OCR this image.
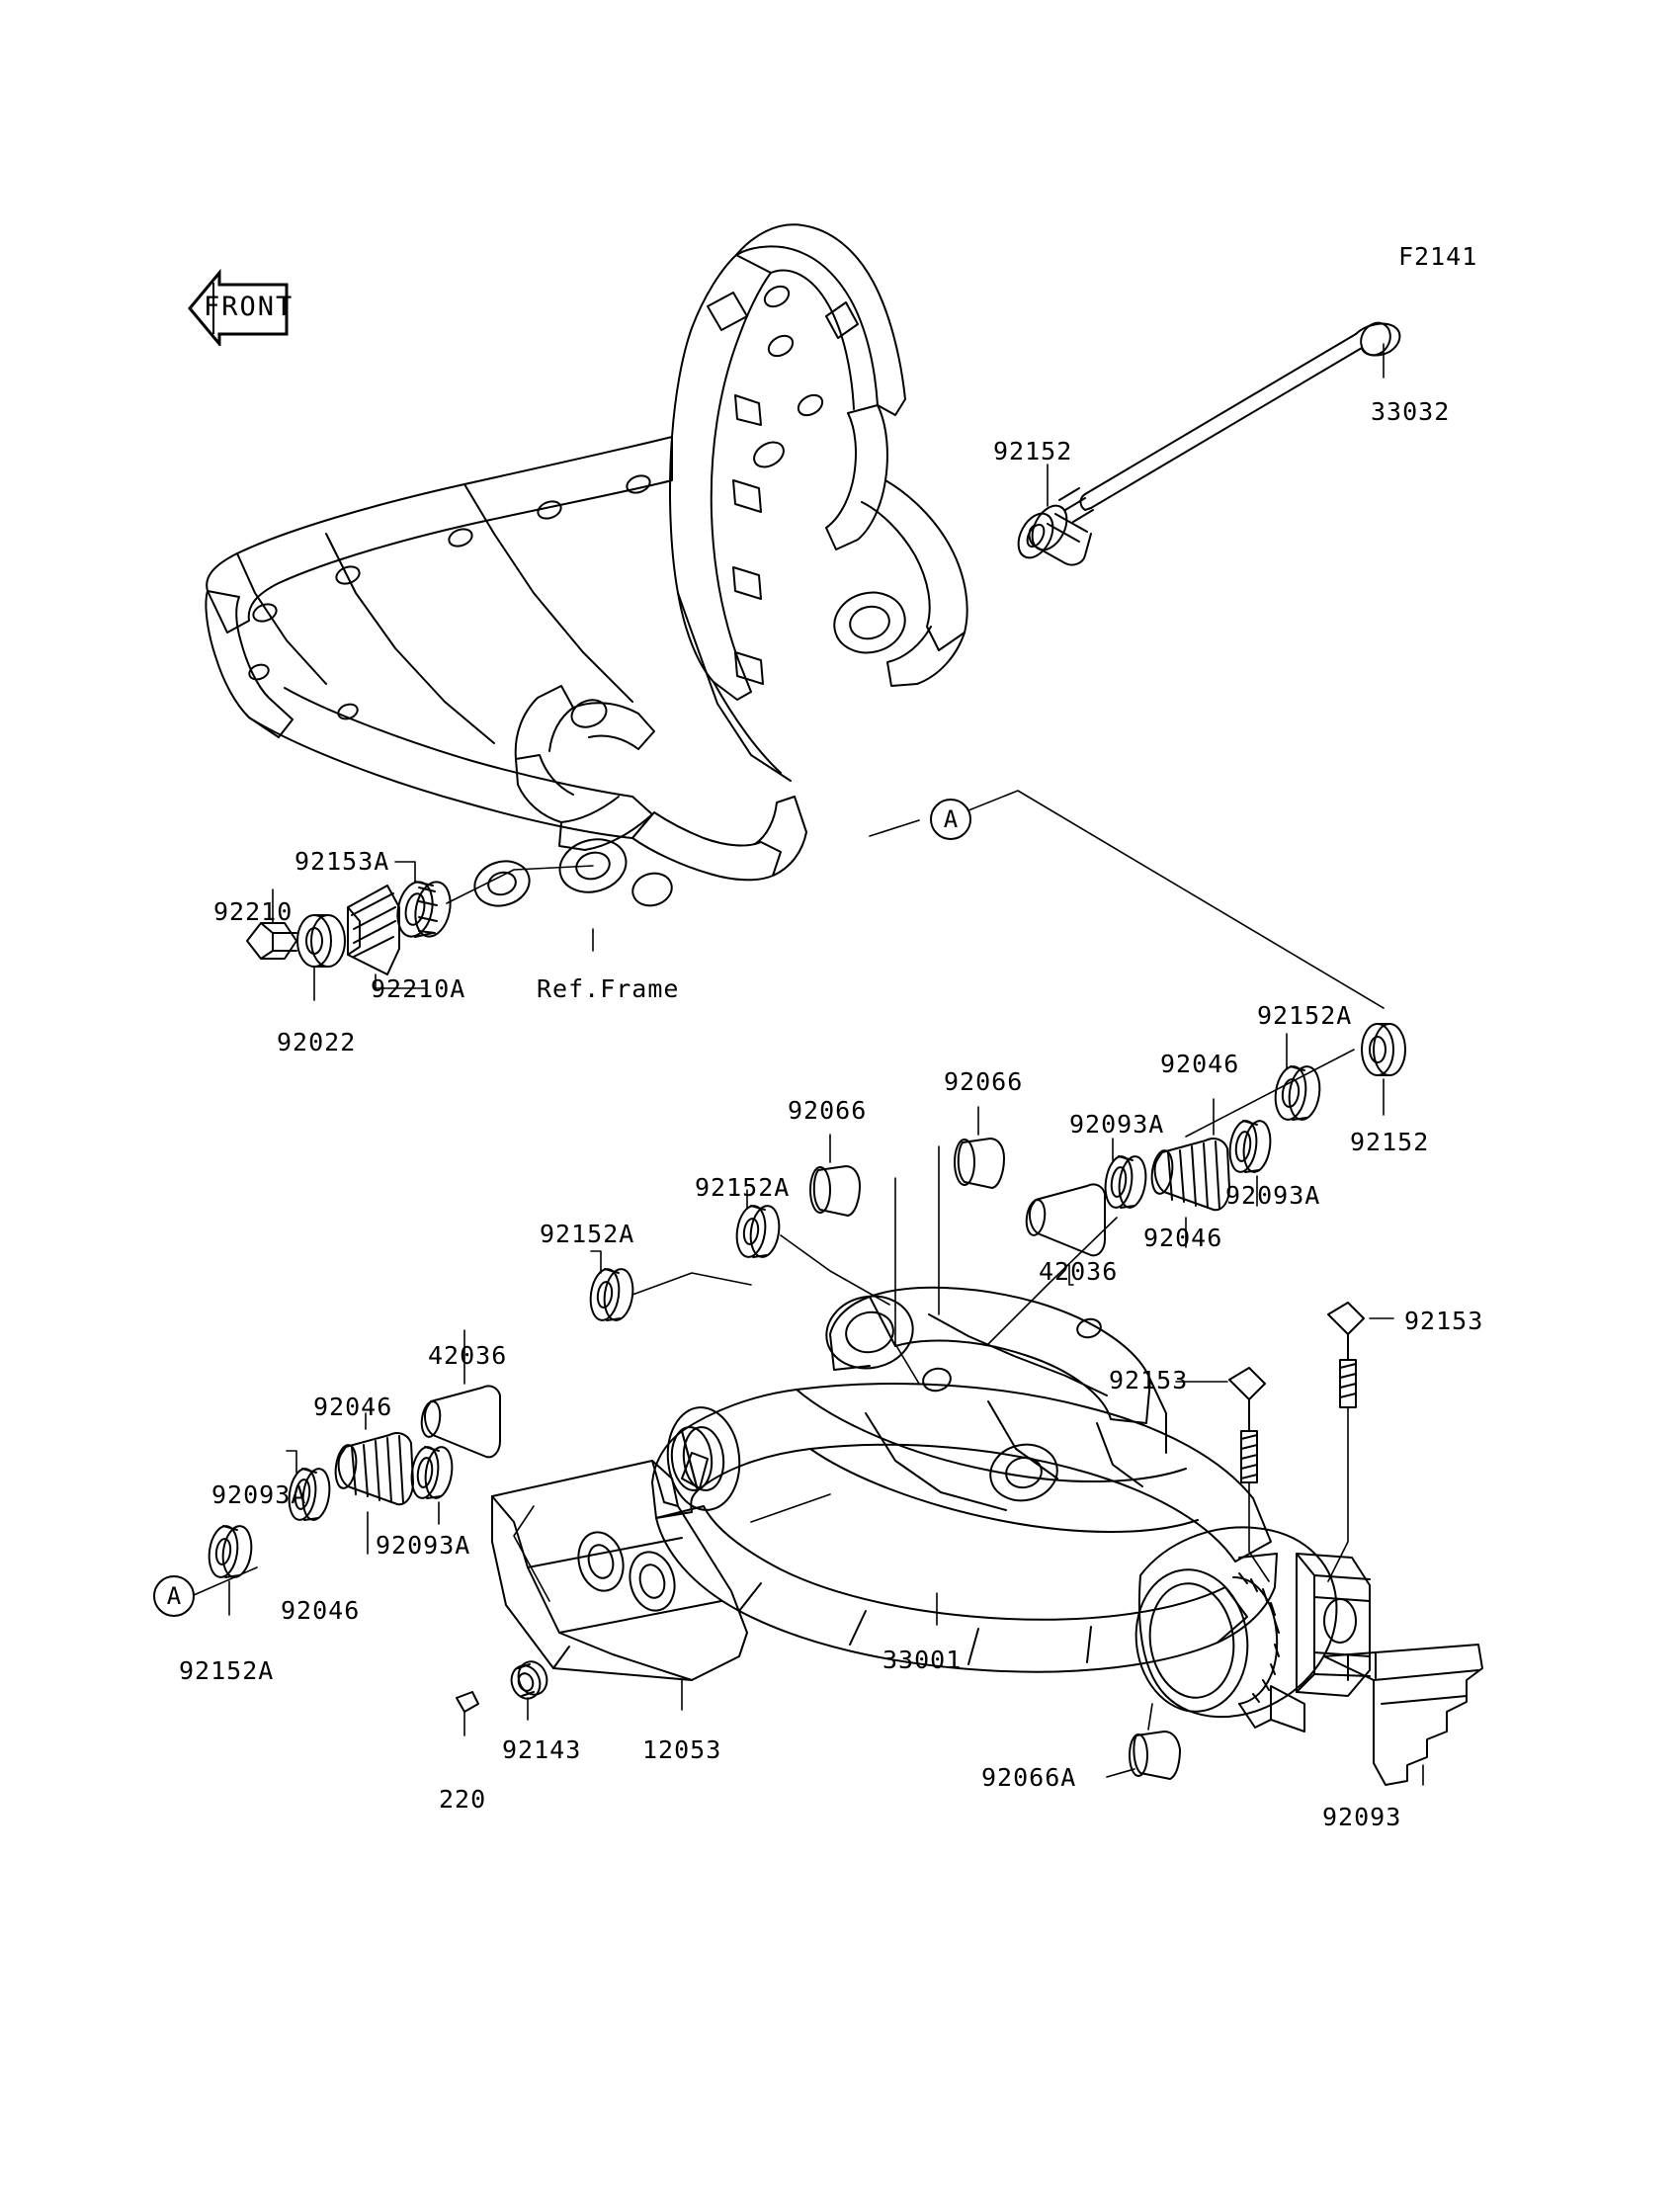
F2141
FRONT
A
A
33032
92152
92153A
92210
92210A
92022
Ref.Frame
92152A
92046
92152
92066
92066
92093A
92093A
92046
92152A
92152A
42036
92153
92153
42036
92046
92093A
92093A
92046
92152A	33001
12053
92143
220
92066A
92093
